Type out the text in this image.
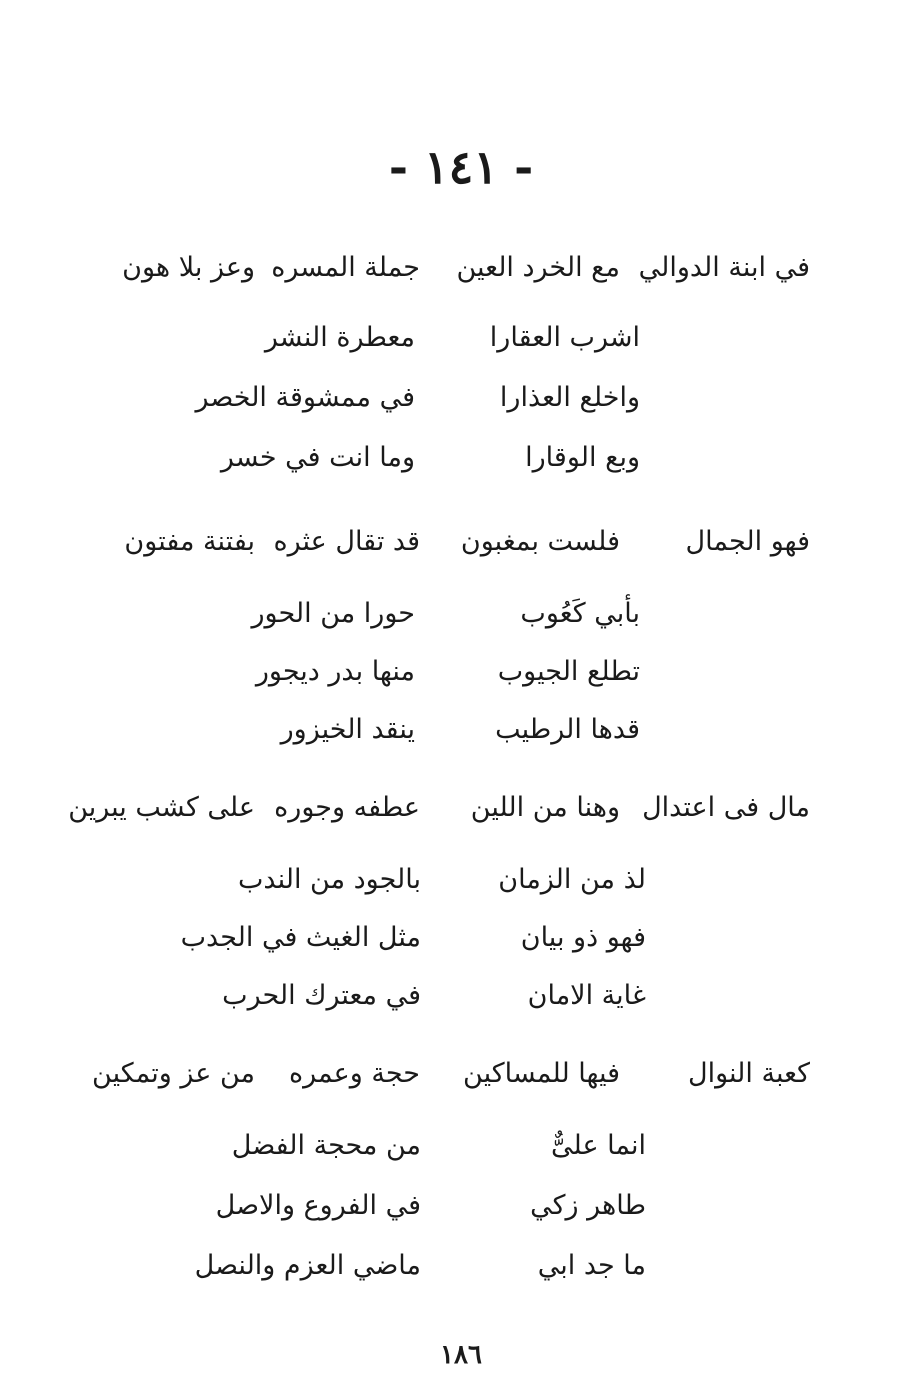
- ١٤١ -
في ابنة الدوالي
مع الخرد العين
جملة المسره
وعز بلا هون
اشرب العقارا
معطرة النشر
واخلع العذارا
في ممشوقة الخصر
وبع الوقارا
وما انت في خسر
فهو الجمال
فلست بمغبون
قد تقال عثره
بفتنة مفتون
بأبي كَعُوب
حورا من الحور
تطلع الجيوب
منها بدر ديجور
قدها الرطيب
ينقد الخيزور
مال فى اعتدال
وهنا من اللين
عطفه وجوره
على كشب يبرين
لذ من الزمان
بالجود من الندب
فهو ذو بيان
مثل الغيث في الجدب
غاية الامان
في معترك الحرب
كعبة النوال
فيها للمساكين
حجة وعمره
من عز وتمكين
انما علىٌّ
من محجة الفضل
طاهر زكي
في الفروع والاصل
ما جد ابي
ماضي العزم والنصل
١٨٦
